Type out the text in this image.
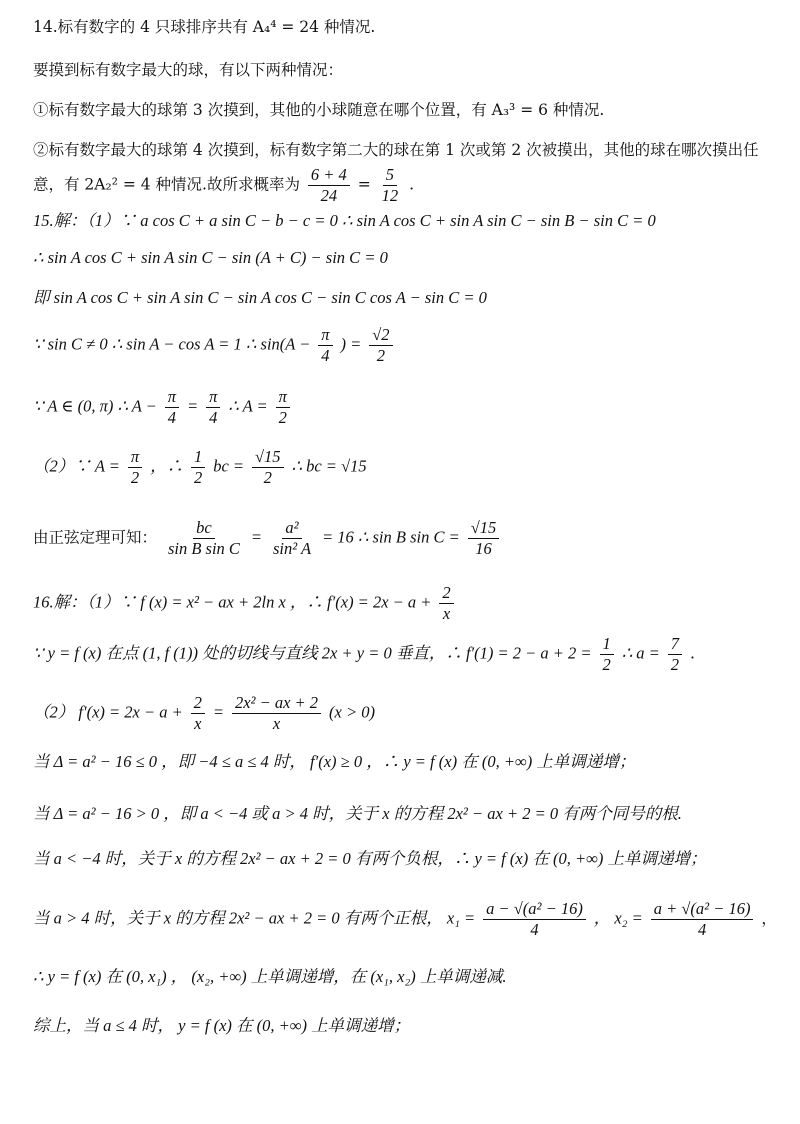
14.标有数字的 4 只球排序共有 A₄⁴ = 24 种情况.
要摸到标有数字最大的球，有以下两种情况：
①标有数字最大的球第 3 次摸到，其他的小球随意在哪个位置，有 A₃³ = 6 种情况.
②标有数字最大的球第 4 次摸到，标有数字第二大的球在第 1 次或第 2 次被摸出，其他的球在哪次摸出任
意，有 2A₂² = 4 种情况.故所求概率为 $\frac{6 + 4}{24} = \frac{5}{12}$ .
15.解：（1）∵ a cos C + a sin C − b − c = 0 ∴ sin A cos C + sin A sin C − sin B − sin C = 0
∴ sin A cos C + sin A sin C − sin (A + C) − sin C = 0
即 sin A cos C + sin A sin C − sin A cos C − sin C cos A − sin C = 0
∵ sin C ≠ 0 ∴ sin A − cos A = 1 ∴ $\sin(A - \frac{\pi}{4}$ ) = $\frac{√2}{2}$
∵ A ∈ (0, π) ∴ $A - \frac{\pi}{4} = \frac{\pi}{4}$ ∴ $A = \frac{\pi}{2}$
（2）∵ $A = \frac{\pi}{2}$ ，∴ $\frac{1}{2}$ bc = $\frac{√15}{2}$ ∴ bc = √15
由正弦定理可知： $\frac{bc}{\text{sin B sin C}} = \frac{\text{a²}}{\text{sin² A}} = 16$ ∴ sin B $\sin C = \frac{√15}{16}$
16.解：（1）∵ f (x) = x² − ax + 2ln x ，∴ $f'(x) = 2x - a + \frac{2}{x}$
∵ y = f (x) 在点 (1, f (1)) 处的切线与直线 2x + y = 0 垂直，∴ $f'(1) = 2 - a + 2 = \frac{1}{2}$ ∴ $a = \frac{7}{2}$ .
（2） $f'(x) = 2x - a + \frac{2}{x} = \frac{\text{2x² − ax + 2}}{x} (x > 0)$
当 Δ = a² − 16 ≤ 0 ，即 −4 ≤ a ≤ 4 时， f′(x) ≥ 0 ，∴ y = f (x) 在 (0, +∞) 上单调递增；
当 Δ = a² − 16 > 0 ，即 a < −4 或 a > 4 时，关于 x 的方程 2x² − ax + 2 = 0 有两个同号的根.
当 a < −4 时，关于 x 的方程 2x² − ax + 2 = 0 有两个负根，∴ y = f (x) 在 (0, +∞) 上单调递增；
当 a > 4 时，关于 x 的方程 2x² − ax + 2 = 0 有两个正根， $x_1 = \frac{\text{a − √(a² − 16)}}{4}$ ， $x_2 = \frac{\text{a + √(a² − 16)}}{4}$ ，
∴ y = f (x) 在 (0, x₁) ， (x₂, +∞) 上单调递增，在 (x₁, x₂) 上单调递减.
综上，当 a ≤ 4 时， y = f (x) 在 (0, +∞) 上单调递增；
